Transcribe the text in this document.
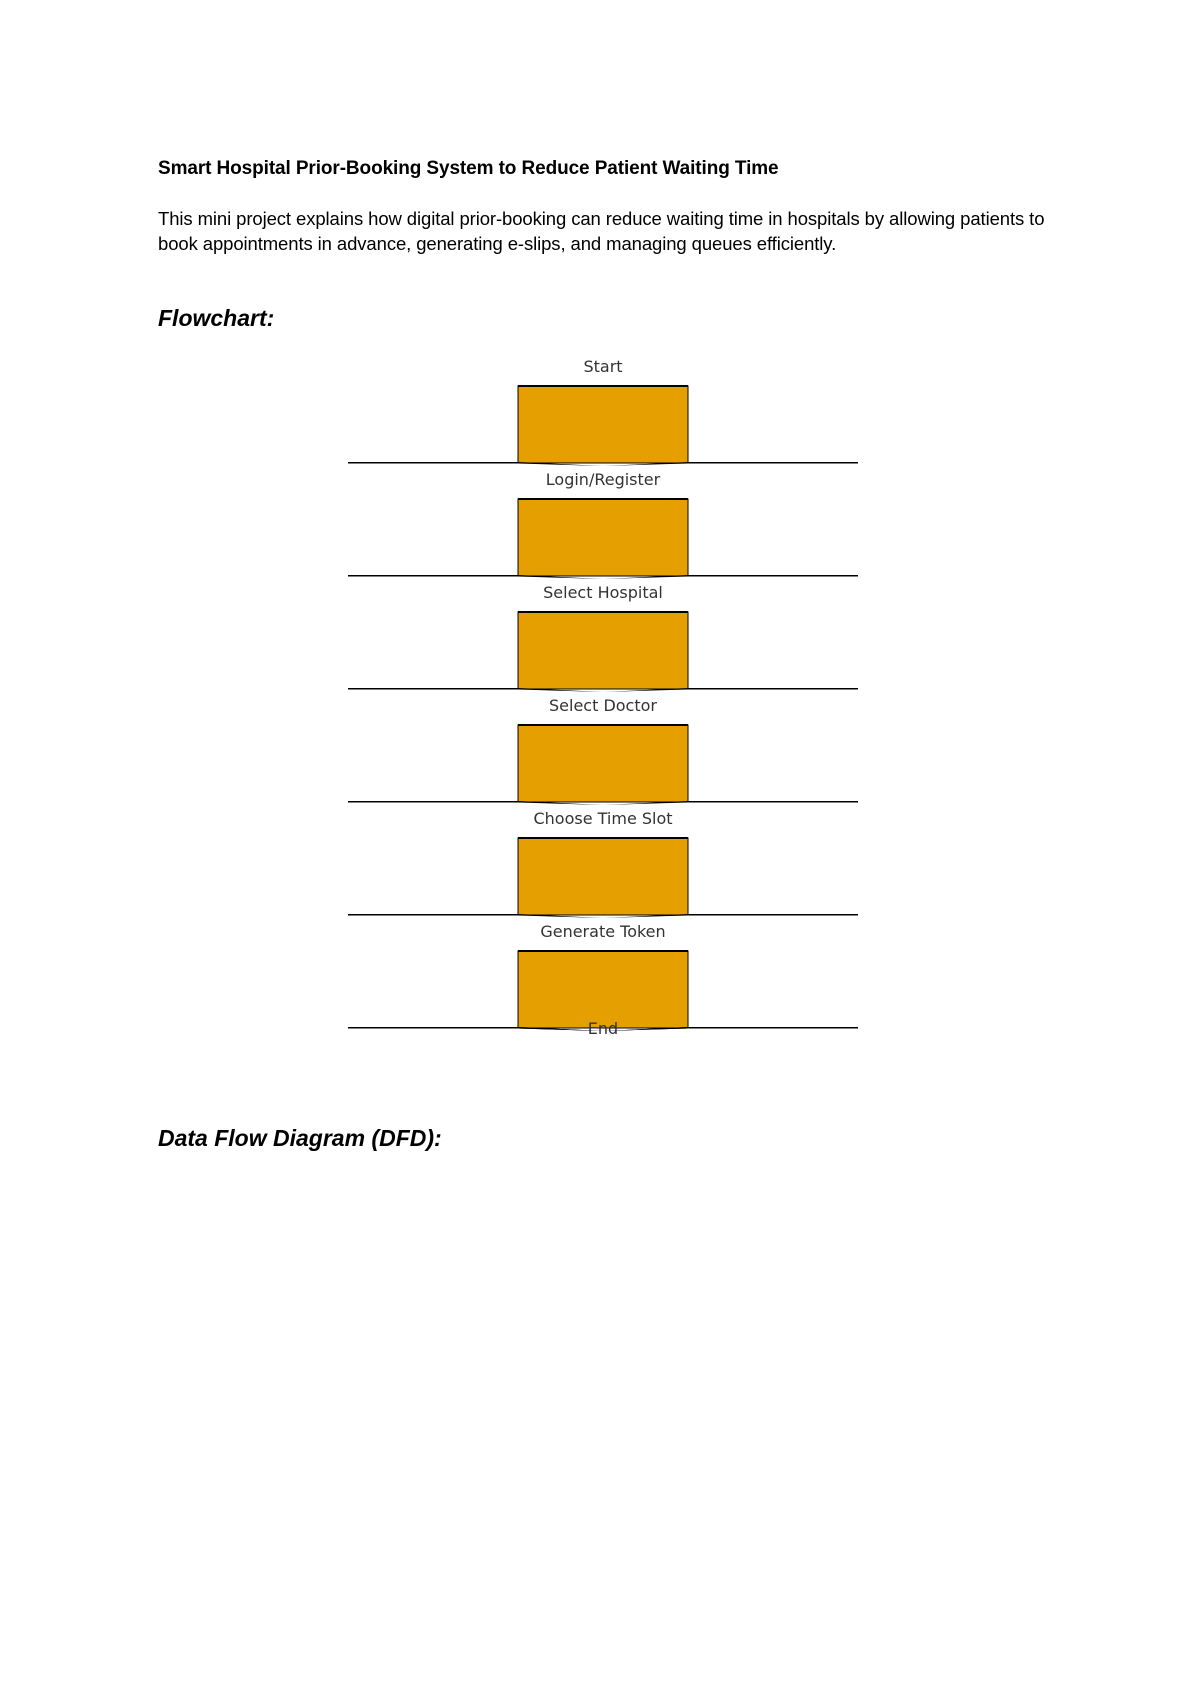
Smart Hospital Prior-Booking System to Reduce Patient Waiting Time

This mini project explains how digital prior-booking can reduce waiting time in hospitals by allowing patients to book appointments in advance, generating e-slips, and managing queues efficiently.

Flowchart:
Start
Login/Register
Select Hospital
Select Doctor
Choose Time Slot
Generate Token
End
Data Flow Diagram (DFD):
